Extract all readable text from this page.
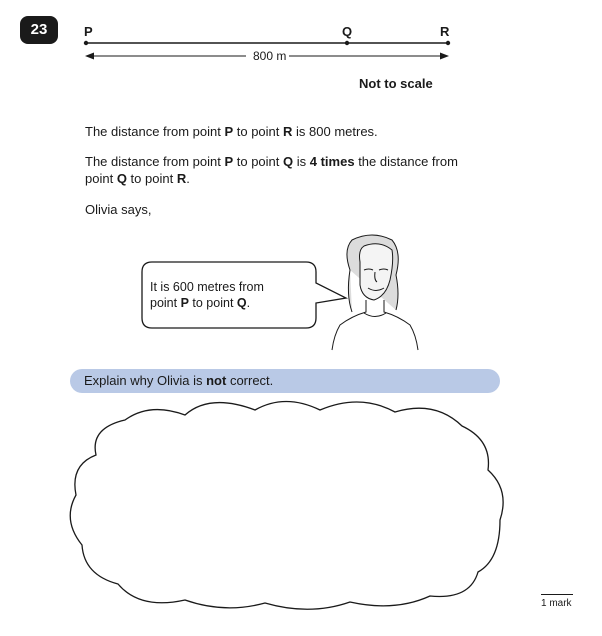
23	P	Q	R
800 m
Not to scale
The distance from point P to point R is 800 metres.
The distance from point P to point Q is 4 times the distance from
point Q to point R.
Olivia says,
It is 600 metres from
point P to point Q.
Explain why Olivia is not correct.
1 mark
